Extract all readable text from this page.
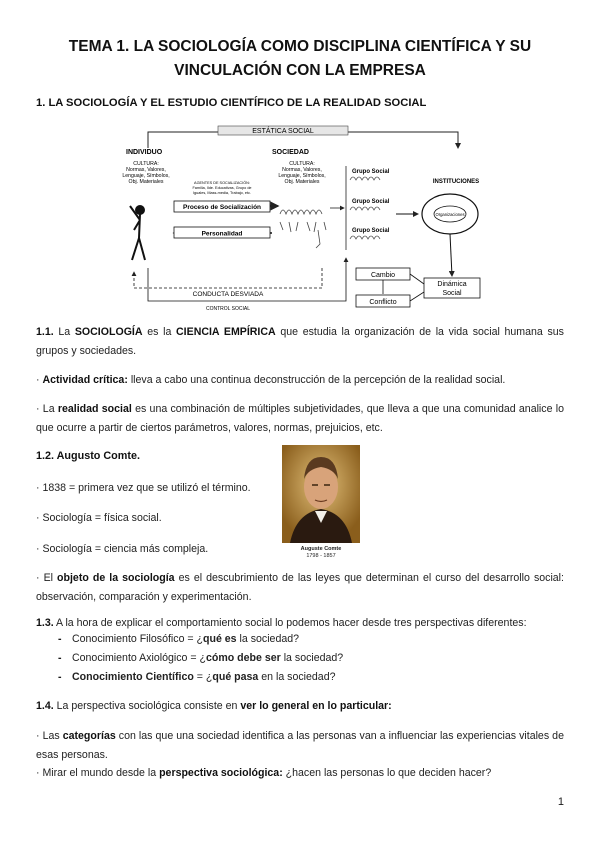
TEMA 1. LA SOCIOLOGÍA COMO DISCIPLINA CIENTÍFICA Y SU
VINCULACIÓN CON LA EMPRESA
1. LA SOCIOLOGÍA Y EL ESTUDIO CIENTÍFICO DE LA REALIDAD SOCIAL
ESTÁTICA SOCIAL
INDIVIDUO	SOCIEDAD
CULTURA:
Normas, Valores,
Lenguaje, Símbolos,
Obj. Materiales
CULTURA:
Normas, Valores,
Lenguaje, Símbolos,
Obj. Materiales
AGENTES DE SOCIALIZACIÓN:
Familia, Ilde. Educativas, Grupo de
Iguales, Mass-media, Trabajo, etc.
Proceso de Socialización
Personalidad
Grupo Social
Grupo Social
Grupo Social
INSTITUCIONES
Organizaciones
Cambio
Conflicto
Dinámica
Social
CONDUCTA DESVIADA
CONTROL SOCIAL
1.1. La SOCIOLOGÍA es la CIENCIA EMPÍRICA que estudia la organización de la vida social humana sus grupos y sociedades.
· Actividad crítica: lleva a cabo una continua deconstrucción de la percepción de la realidad social.
· La realidad social es una combinación de múltiples subjetividades, que lleva a que una comunidad analice lo que ocurre a partir de ciertos parámetros, valores, normas, prejuicios, etc.
1.2. Augusto Comte.
· 1838 = primera vez que se utilizó el término.
· Sociología = física social.
· Sociología = ciencia más compleja.	Auguste Comte
1798 - 1857
· El objeto de la sociología es el descubrimiento de las leyes que determinan el curso del desarrollo social: observación, comparación y experimentación.
1.3. A la hora de explicar el comportamiento social lo podemos hacer desde tres perspectivas diferentes:
- Conocimiento Filosófico = ¿qué es la sociedad?
- Conocimiento Axiológico = ¿cómo debe ser la sociedad?
- Conocimiento Científico = ¿qué pasa en la sociedad?
1.4. La perspectiva sociológica consiste en ver lo general en lo particular:
· Las categorías con las que una sociedad identifica a las personas van a influenciar las experiencias vitales de esas personas.
· Mirar el mundo desde la perspectiva sociológica: ¿hacen las personas lo que deciden hacer?
1
